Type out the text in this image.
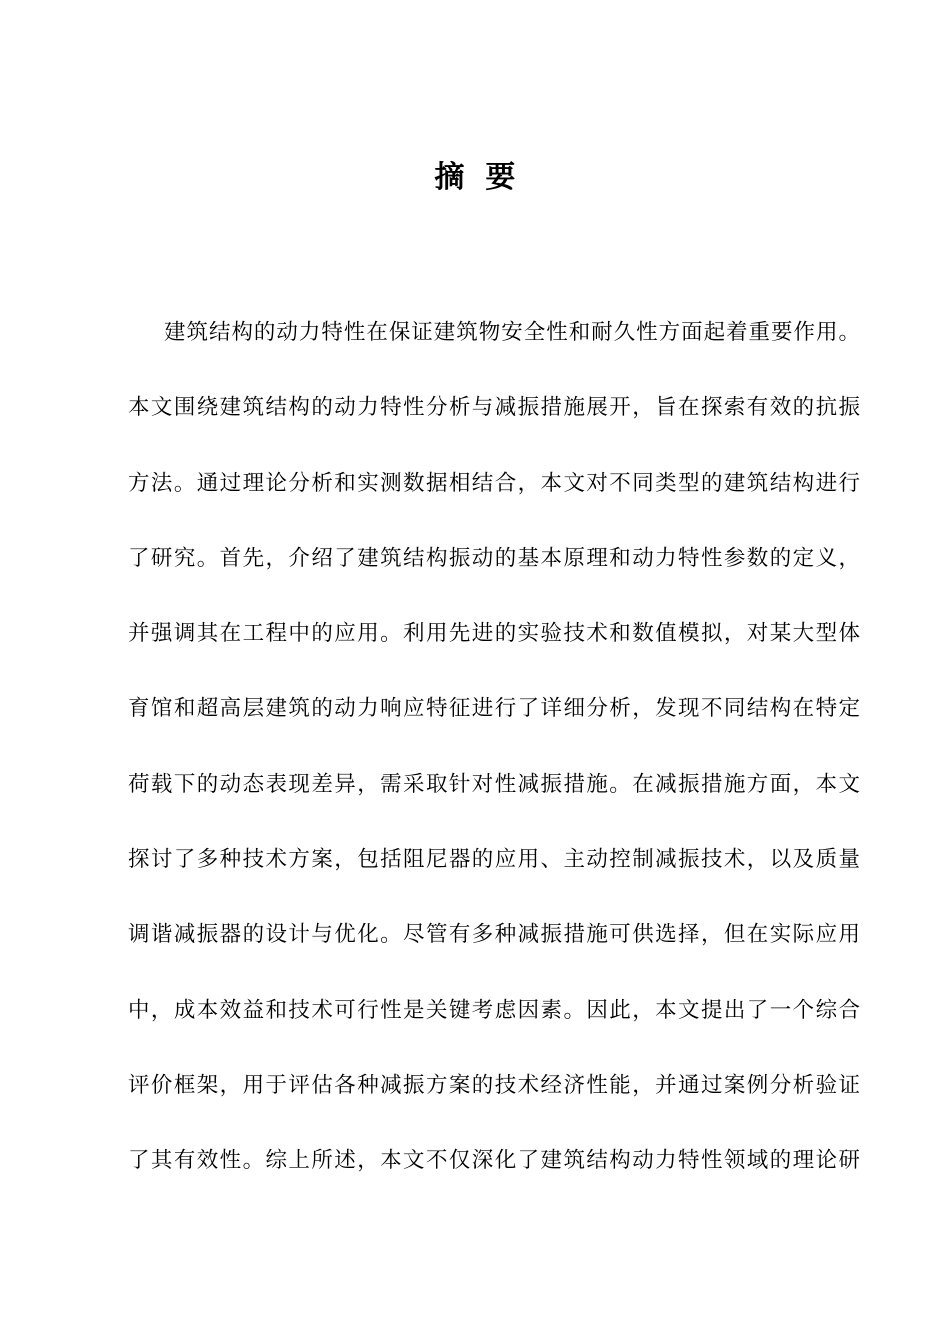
摘  要
建筑结构的动力特性在保证建筑物安全性和耐久性方面起着重要作用。
本文围绕建筑结构的动力特性分析与减振措施展开，旨在探索有效的抗振
方法。通过理论分析和实测数据相结合，本文对不同类型的建筑结构进行
了研究。首先，介绍了建筑结构振动的基本原理和动力特性参数的定义，
并强调其在工程中的应用。利用先进的实验技术和数值模拟，对某大型体
育馆和超高层建筑的动力响应特征进行了详细分析，发现不同结构在特定
荷载下的动态表现差异，需采取针对性减振措施。在减振措施方面，本文
探讨了多种技术方案，包括阻尼器的应用、主动控制减振技术，以及质量
调谐减振器的设计与优化。尽管有多种减振措施可供选择，但在实际应用
中，成本效益和技术可行性是关键考虑因素。因此，本文提出了一个综合
评价框架，用于评估各种减振方案的技术经济性能，并通过案例分析验证
了其有效性。综上所述，本文不仅深化了建筑结构动力特性领域的理论研
